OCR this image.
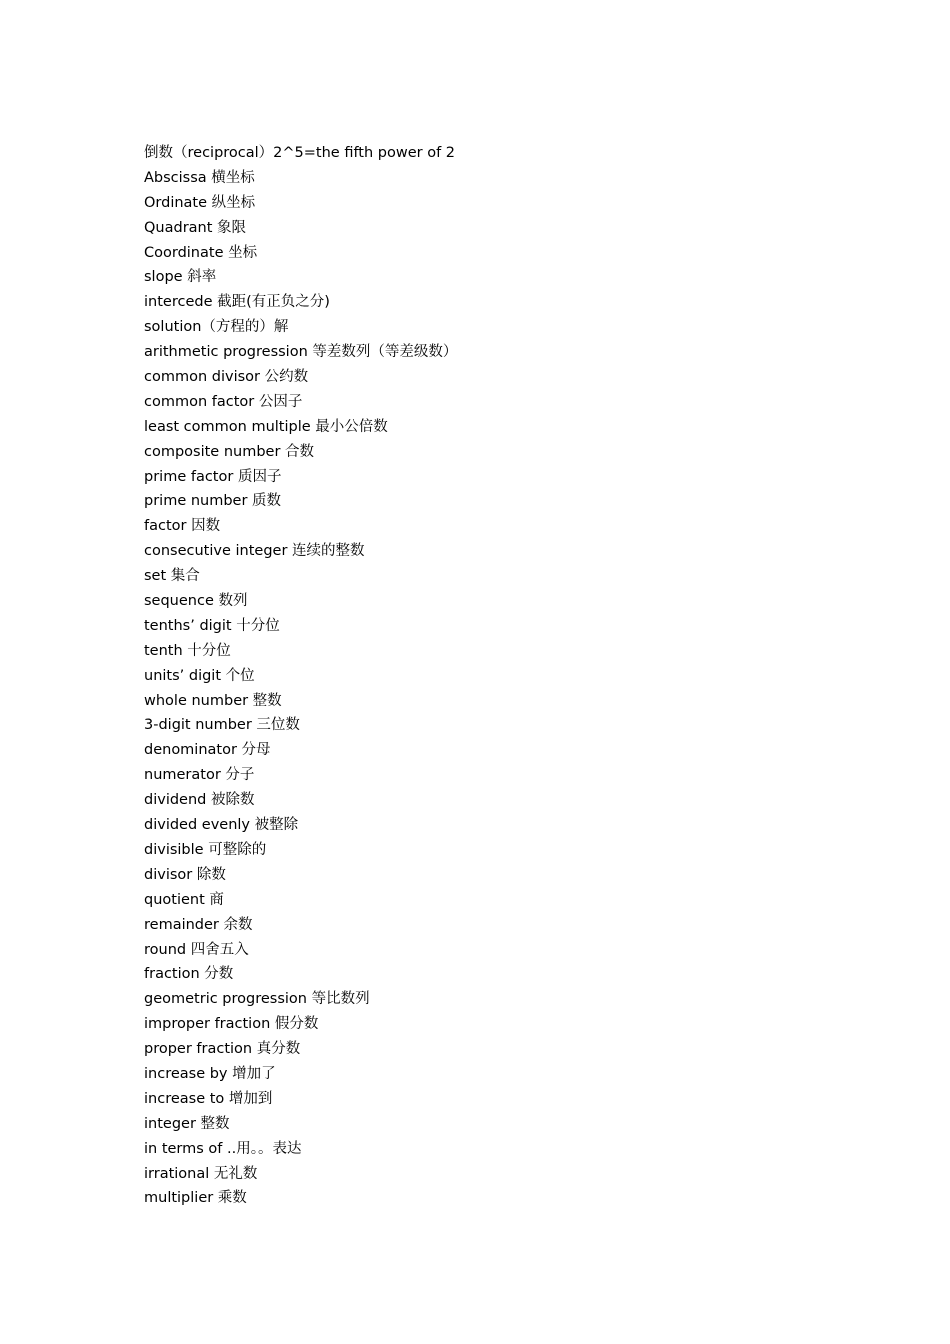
倒数（reciprocal）2^5=the fifth power of 2
Abscissa 横坐标
Ordinate 纵坐标
Quadrant 象限
Coordinate 坐标
slope 斜率
intercede 截距(有正负之分)
solution（方程的）解
arithmetic progression 等差数列（等差级数）
common divisor 公约数
common factor 公因子
least common multiple 最小公倍数
composite number 合数
prime factor 质因子
prime number 质数
factor 因数
consecutive integer 连续的整数
set 集合
sequence 数列
tenths’ digit 十分位
tenth 十分位
units’ digit 个位
whole number 整数
3-digit number 三位数
denominator 分母
numerator 分子
dividend 被除数
divided evenly 被整除
divisible 可整除的
divisor 除数
quotient 商
remainder 余数
round 四舍五入
fraction 分数
geometric progression 等比数列
improper fraction 假分数
proper fraction 真分数
increase by 增加了
increase to 增加到
integer 整数
in terms of ..用。。表达
irrational 无礼数
multiplier 乘数
